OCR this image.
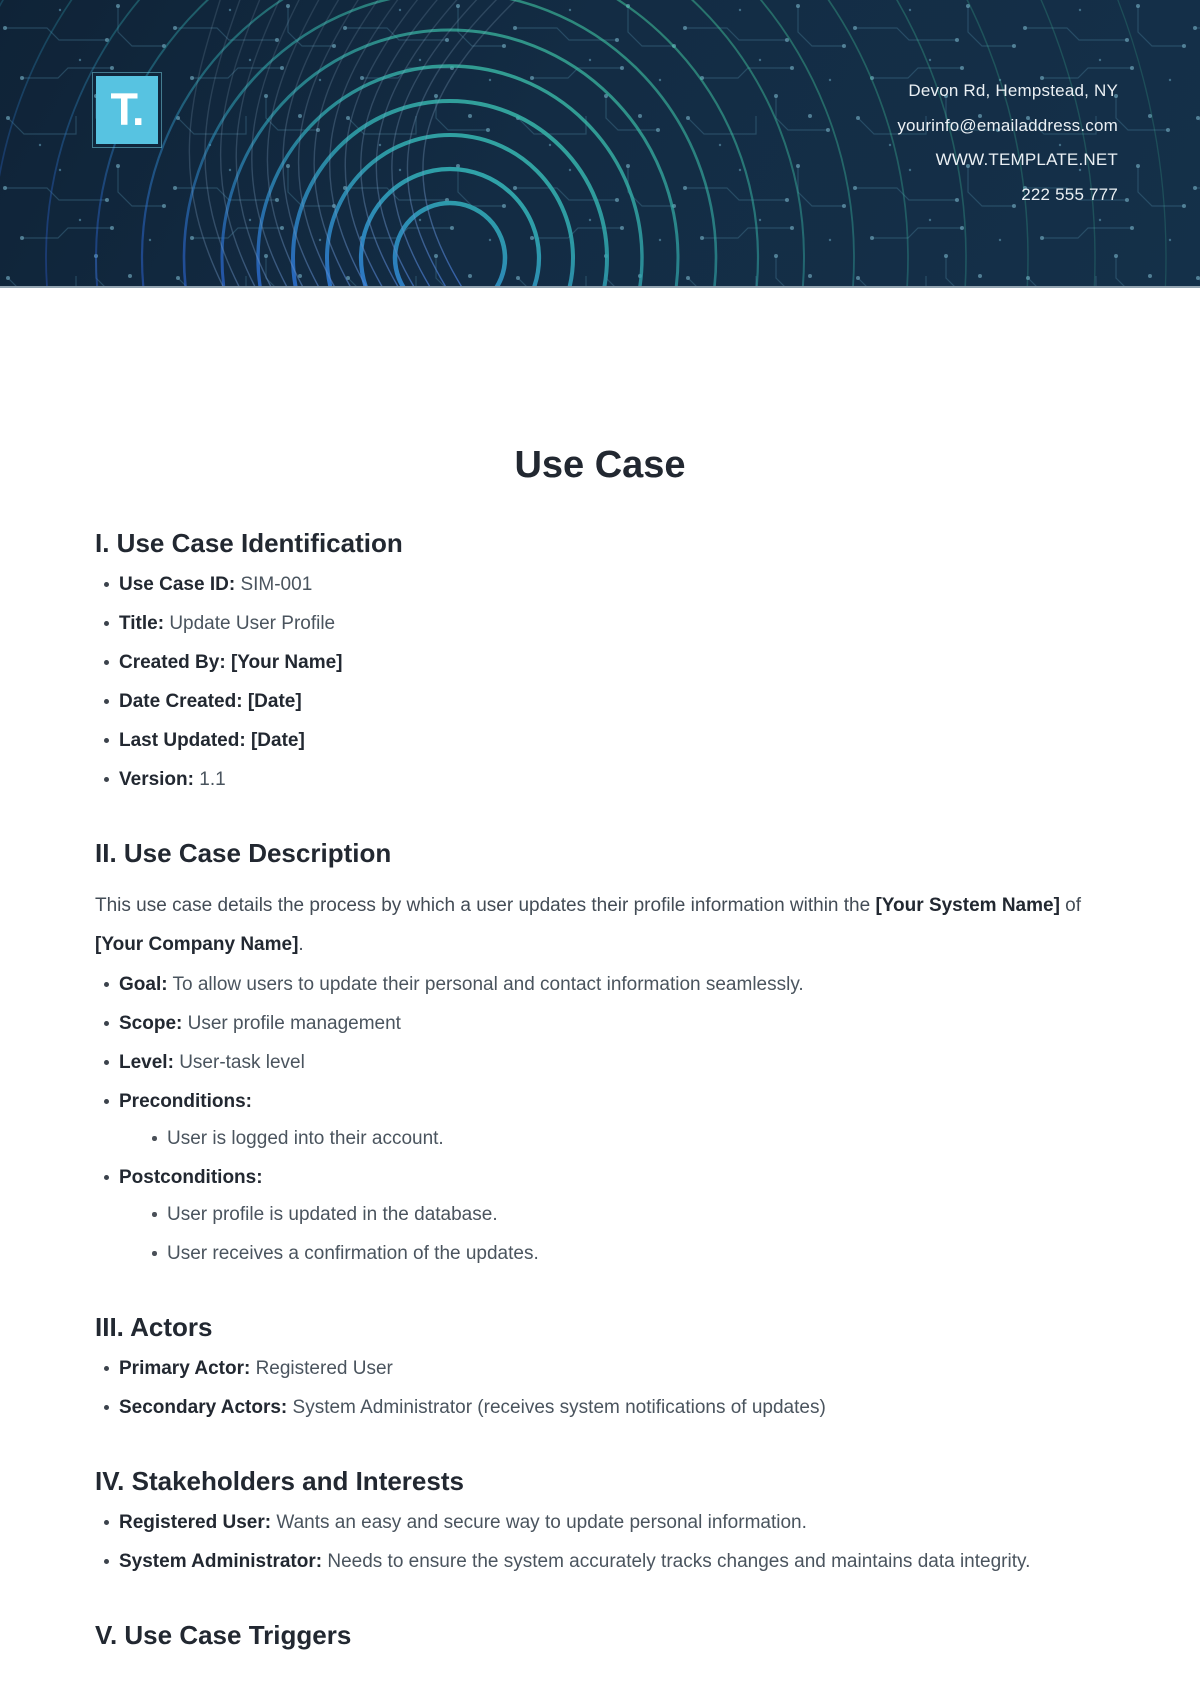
T.	Devon Rd, Hempstead, NY
yourinfo@emailaddress.com
WWW.TEMPLATE.NET
222 555 777
Use Case
I. Use Case Identification
Use Case ID: SIM-001
Title: Update User Profile
Created By: [Your Name]
Date Created: [Date]
Last Updated: [Date]
Version: 1.1
II. Use Case Description

This use case details the process by which a user updates their profile information within the [Your System Name] of [Your Company Name].

Goal: To allow users to update their personal and contact information seamlessly.
Scope: User profile management
Level: User-task level
Preconditions:
User is logged into their account.
Postconditions:
User profile is updated in the database.
User receives a confirmation of the updates.
III. Actors
Primary Actor: Registered User
Secondary Actors: System Administrator (receives system notifications of updates)
IV. Stakeholders and Interests
Registered User: Wants an easy and secure way to update personal information.
System Administrator: Needs to ensure the system accurately tracks changes and maintains data integrity.
V. Use Case Triggers
